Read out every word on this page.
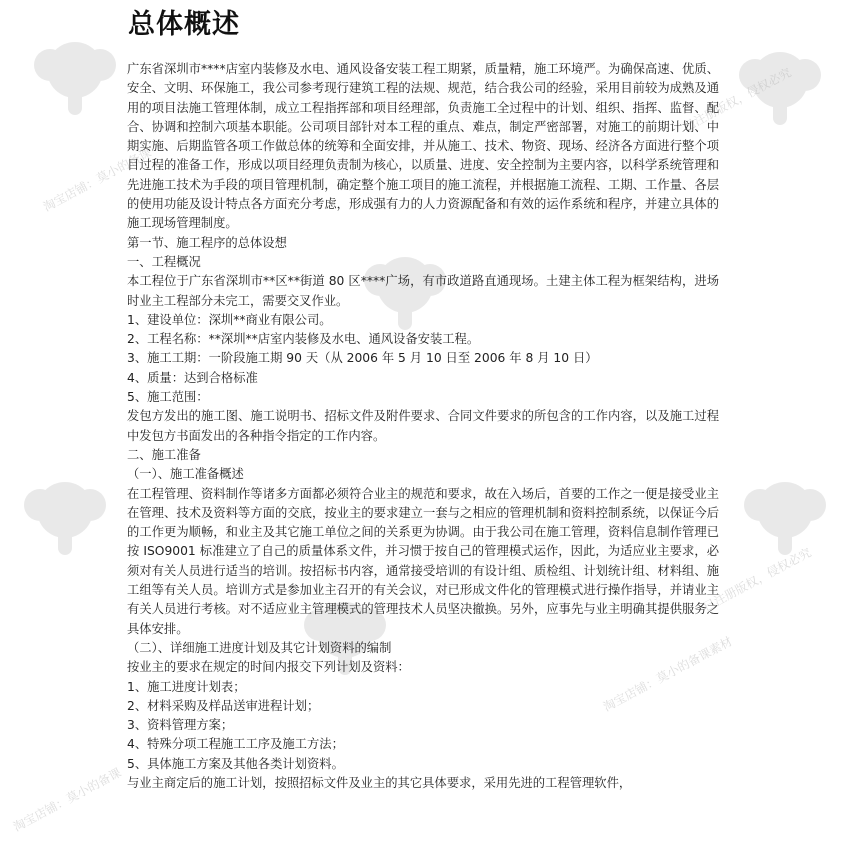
淘宝店铺：莫小的备课
已注册版权，侵权必究
淘宝店铺：莫小的备课素材
淘宝店铺：莫小的备课
已注册版权，侵权必究
总体概述

广东省深圳市****店室内装修及水电、通风设备安装工程工期紧，质量精，施工环境严。为确保高速、优质、安全、文明、环保施工，我公司参考现行建筑工程的法规、规范，结合我公司的经验，采用目前较为成熟及通用的项目法施工管理体制，成立工程指挥部和项目经理部，负责施工全过程中的计划、组织、指挥、监督、配合、协调和控制六项基本职能。公司项目部针对本工程的重点、难点，制定严密部署，对施工的前期计划、中期实施、后期监管各项工作做总体的统筹和全面安排，并从施工、技术、物资、现场、经济各方面进行整个项目过程的准备工作，形成以项目经理负责制为核心，以质量、进度、安全控制为主要内容，以科学系统管理和先进施工技术为手段的项目管理机制，确定整个施工项目的施工流程，并根据施工流程、工期、工作量、各层的使用功能及设计特点各方面充分考虑，形成强有力的人力资源配备和有效的运作系统和程序，并建立具体的施工现场管理制度。

第一节、施工程序的总体设想

一、工程概况

本工程位于广东省深圳市**区**街道 80 区****广场，有市政道路直通现场。土建主体工程为框架结构，进场时业主工程部分未完工，需要交叉作业。

1、建设单位：深圳**商业有限公司。

2、工程名称：**深圳**店室内装修及水电、通风设备安装工程。

3、施工工期：一阶段施工期 90 天（从 2006 年 5 月 10 日至 2006 年 8 月 10 日）

4、质量：达到合格标准

5、施工范围：

发包方发出的施工图、施工说明书、招标文件及附件要求、合同文件要求的所包含的工作内容，以及施工过程中发包方书面发出的各种指令指定的工作内容。

二、施工准备

（一）、施工准备概述

在工程管理、资料制作等诸多方面都必须符合业主的规范和要求，故在入场后，首要的工作之一便是接受业主在管理、技术及资料等方面的交底，按业主的要求建立一套与之相应的管理机制和资料控制系统，以保证今后的工作更为顺畅，和业主及其它施工单位之间的关系更为协调。由于我公司在施工管理，资料信息制作管理已按 ISO9001 标准建立了自己的质量体系文件，并习惯于按自己的管理模式运作，因此，为适应业主要求，必须对有关人员进行适当的培训。按招标书内容，通常接受培训的有设计组、质检组、计划统计组、材料组、施工组等有关人员。培训方式是参加业主召开的有关会议，对已形成文件化的管理模式进行操作指导，并请业主有关人员进行考核。对不适应业主管理模式的管理技术人员坚决撤换。另外，应事先与业主明确其提供服务之具体安排。

（二）、详细施工进度计划及其它计划资料的编制

按业主的要求在规定的时间内报交下列计划及资料：

1、施工进度计划表；

2、材料采购及样品送审进程计划；

3、资料管理方案；

4、特殊分项工程施工工序及施工方法；

5、具体施工方案及其他各类计划资料。

与业主商定后的施工计划，按照招标文件及业主的其它具体要求，采用先进的工程管理软件，
